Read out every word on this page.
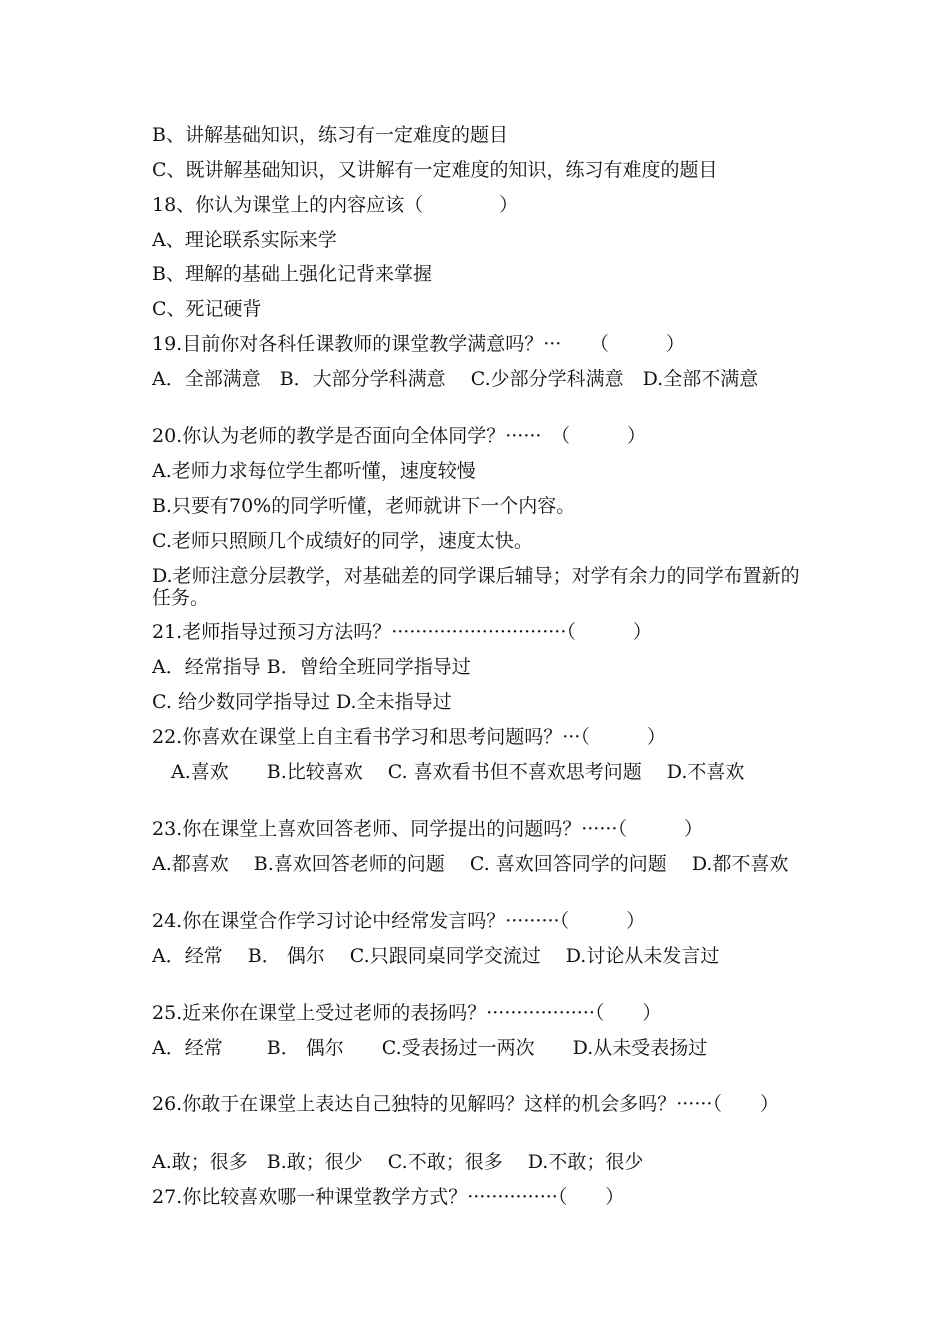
B、讲解基础知识，练习有一定难度的题目
C、既讲解基础知识，又讲解有一定难度的知识，练习有难度的题目
18、你认为课堂上的内容应该（　　　　）
A、理论联系实际来学
B、理解的基础上强化记背来掌握
C、死记硬背
19.目前你对各科任课教师的课堂教学满意吗？···　　（　　　）
A．全部满意　B．大部分学科满意　 C.少部分学科满意　D.全部不满意
20.你认为老师的教学是否面向全体同学？······　（　　　）
A.老师力求每位学生都听懂，速度较慢
B.只要有70%的同学听懂，老师就讲下一个内容。
C.老师只照顾几个成绩好的同学，速度太快。
D.老师注意分层教学，对基础差的同学课后辅导；对学有余力的同学布置新的任务。
21.老师指导过预习方法吗？·····························（　　　）
A．经常指导 B．曾给全班同学指导过
C. 给少数同学指导过 D.全未指导过
22.你喜欢在课堂上自主看书学习和思考问题吗？···（　　　）
　A.喜欢　　B.比较喜欢　 C. 喜欢看书但不喜欢思考问题　 D.不喜欢
23.你在课堂上喜欢回答老师、同学提出的问题吗？······（　　　）
A.都喜欢　 B.喜欢回答老师的问题　 C. 喜欢回答同学的问题　 D.都不喜欢
24.你在课堂合作学习讨论中经常发言吗？·········（　　　）
A．经常　 B． 偶尔　 C.只跟同桌同学交流过　 D.讨论从未发言过
25.近来你在课堂上受过老师的表扬吗？··················（　　）
A．经常　　 B． 偶尔　　C.受表扬过一两次　　D.从未受表扬过
26.你敢于在课堂上表达自己独特的见解吗？这样的机会多吗？······（　　）
A.敢；很多　B.敢；很少　 C.不敢；很多　 D.不敢；很少
27.你比较喜欢哪一种课堂教学方式？···············（　　）
